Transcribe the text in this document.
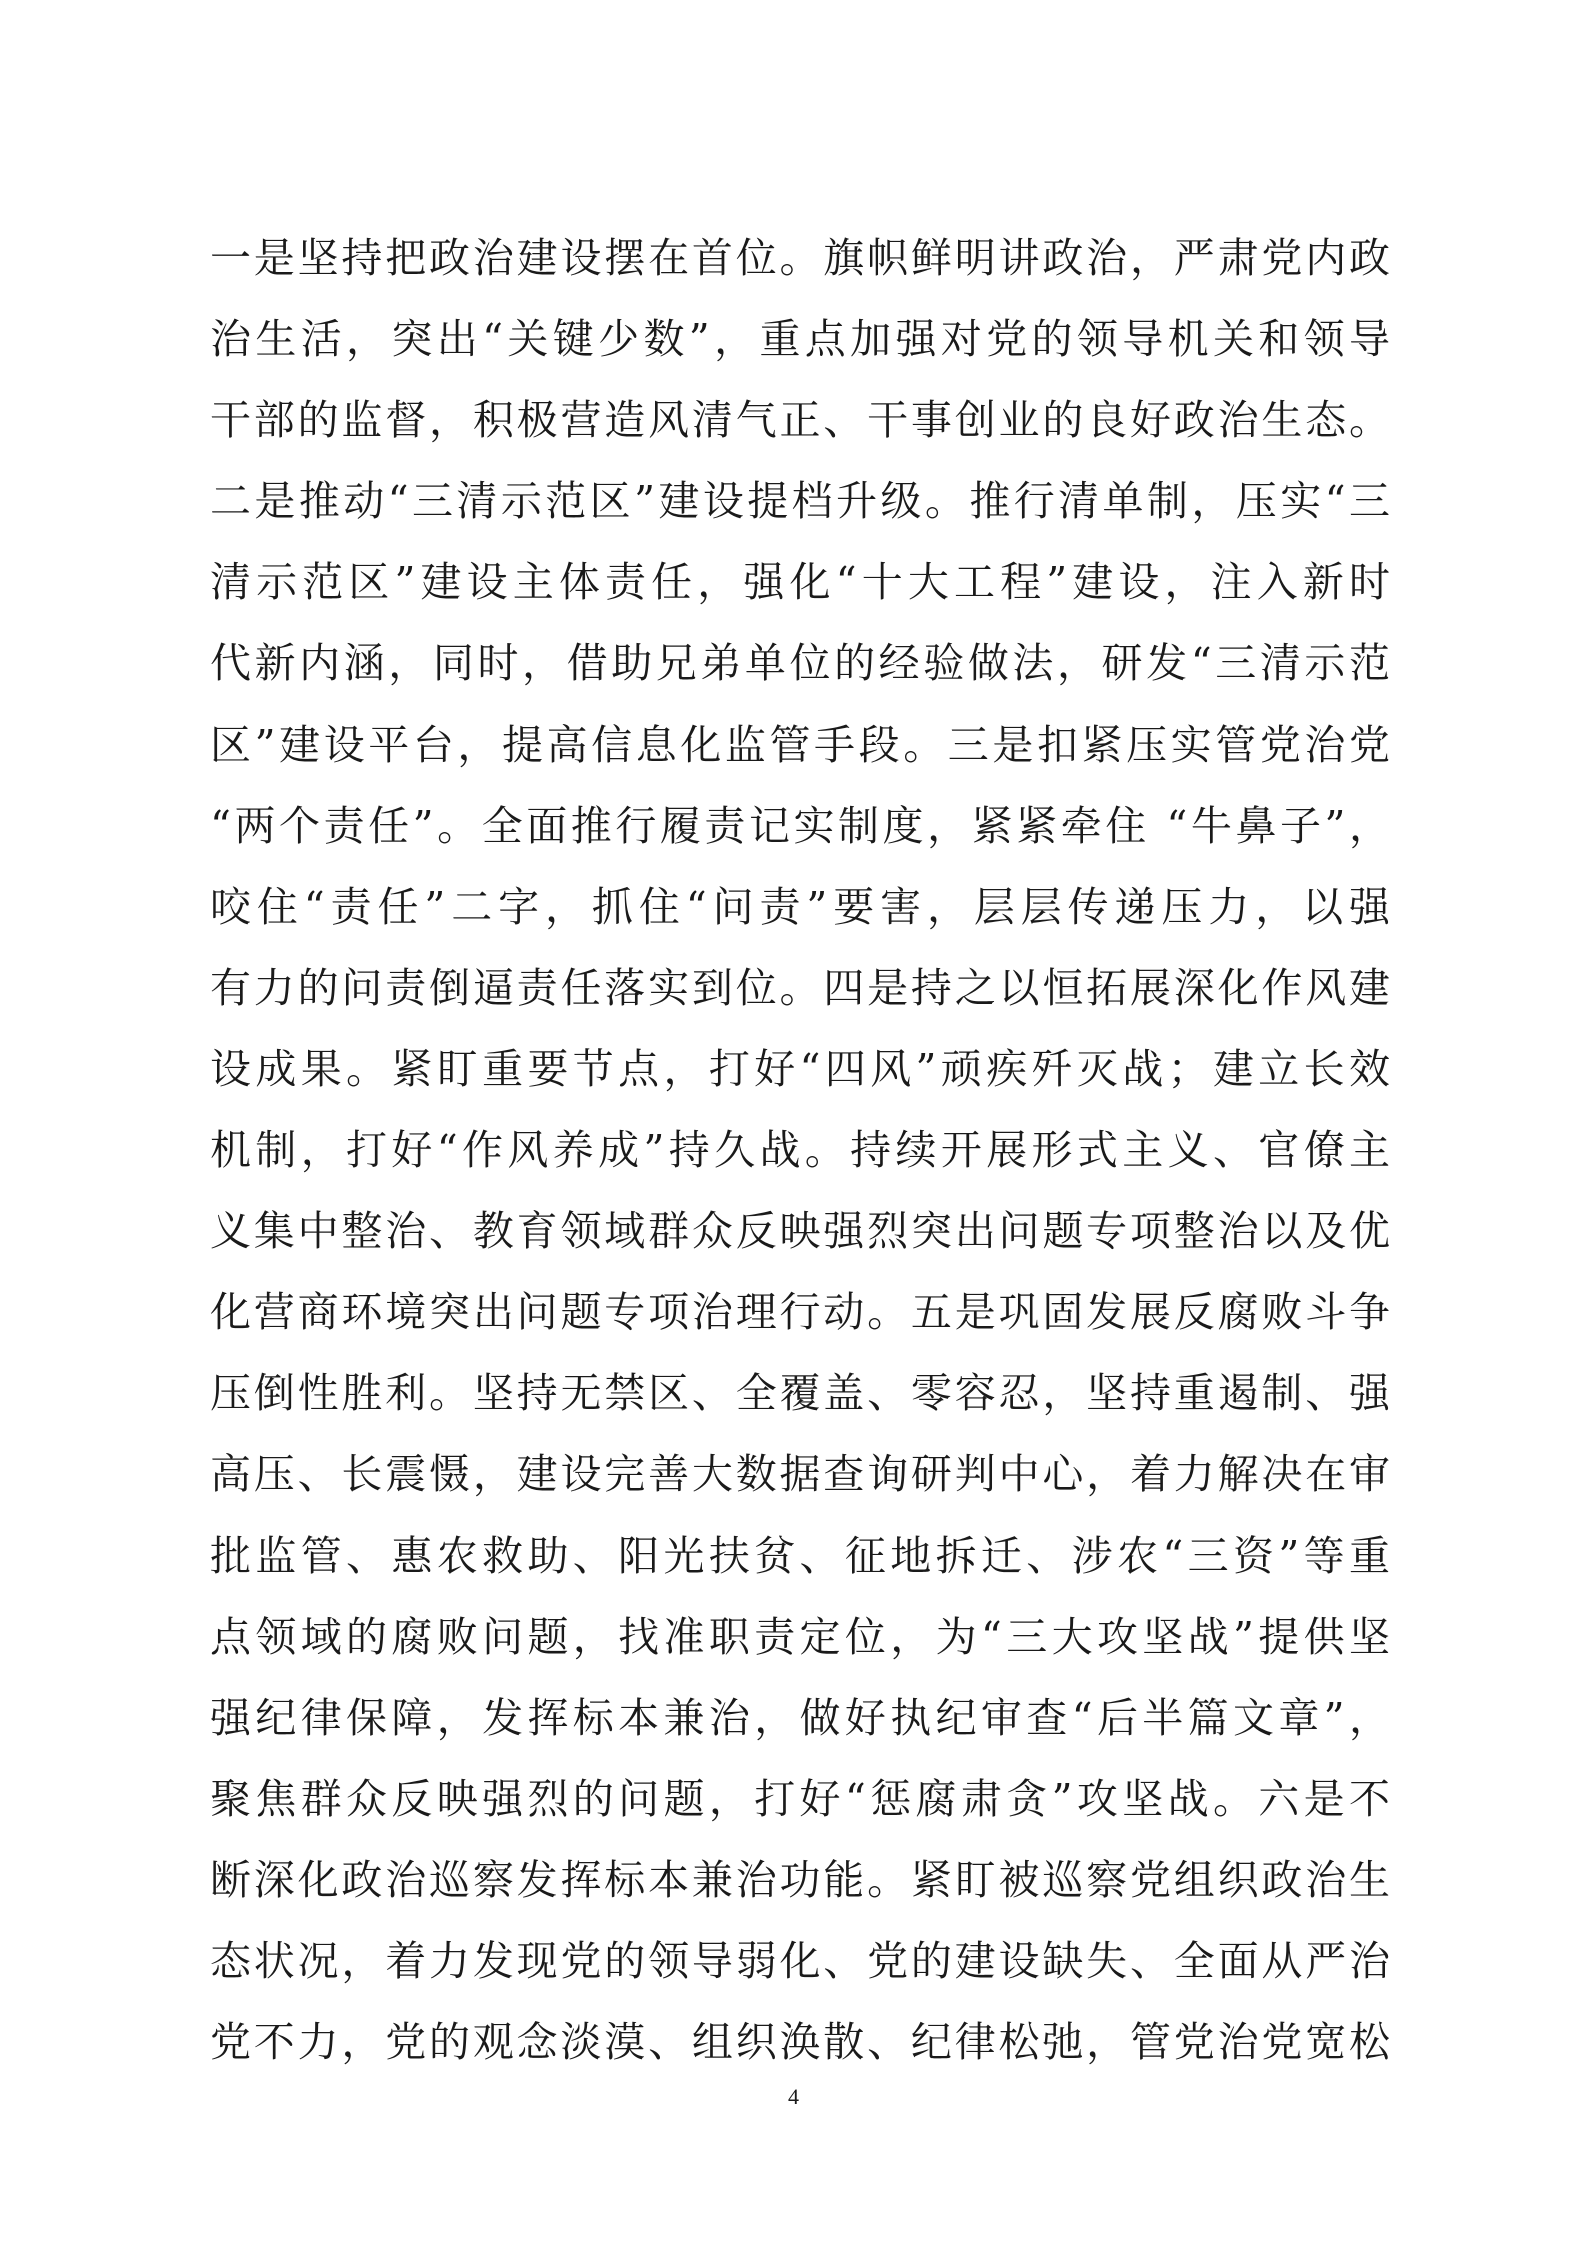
一是坚持把政治建设摆在首位。旗帜鲜明讲政治，严肃党内政
治生活，突出“关键少数”，重点加强对党的领导机关和领导
干部的监督，积极营造风清气正、干事创业的良好政治生态。
二是推动“三清示范区”建设提档升级。推行清单制，压实“三
清示范区”建设主体责任，强化“十大工程”建设，注入新时
代新内涵，同时，借助兄弟单位的经验做法，研发“三清示范
区”建设平台，提高信息化监管手段。三是扣紧压实管党治党
“两个责任”。全面推行履责记实制度，紧紧牵住 “牛鼻子”，
咬住“责任”二字，抓住“问责”要害，层层传递压力，以强
有力的问责倒逼责任落实到位。四是持之以恒拓展深化作风建
设成果。紧盯重要节点，打好“四风”顽疾歼灭战；建立长效
机制，打好“作风养成”持久战。持续开展形式主义、官僚主
义集中整治、教育领域群众反映强烈突出问题专项整治以及优
化营商环境突出问题专项治理行动。五是巩固发展反腐败斗争
压倒性胜利。坚持无禁区、全覆盖、零容忍，坚持重遏制、强
高压、长震慑，建设完善大数据查询研判中心，着力解决在审
批监管、惠农救助、阳光扶贫、征地拆迁、涉农“三资”等重
点领域的腐败问题，找准职责定位，为“三大攻坚战”提供坚
强纪律保障，发挥标本兼治，做好执纪审查“后半篇文章”，
聚焦群众反映强烈的问题，打好“惩腐肃贪”攻坚战。六是不
断深化政治巡察发挥标本兼治功能。紧盯被巡察党组织政治生
态状况，着力发现党的领导弱化、党的建设缺失、全面从严治
党不力，党的观念淡漠、组织涣散、纪律松弛，管党治党宽松
4
